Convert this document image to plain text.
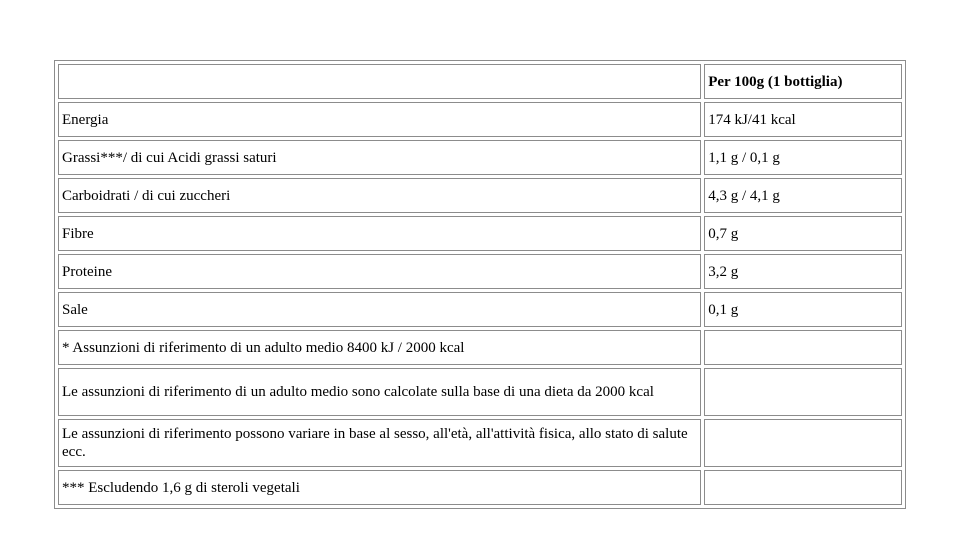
	Per 100g (1 bottiglia)
Energia	174 kJ/41 kcal
Grassi***/ di cui Acidi grassi saturi	1,1 g / 0,1 g
Carboidrati / di cui zuccheri	4,3 g / 4,1 g
Fibre	0,7 g
Proteine	3,2 g
Sale	0,1 g
* Assunzioni di riferimento di un adulto medio 8400 kJ / 2000 kcal	
Le assunzioni di riferimento di un adulto medio sono calcolate sulla base di una dieta da 2000 kcal	
Le assunzioni di riferimento possono variare in base al sesso, all'età, all'attività fisica, allo stato di salute ecc.	
*** Escludendo 1,6 g di steroli vegetali	
